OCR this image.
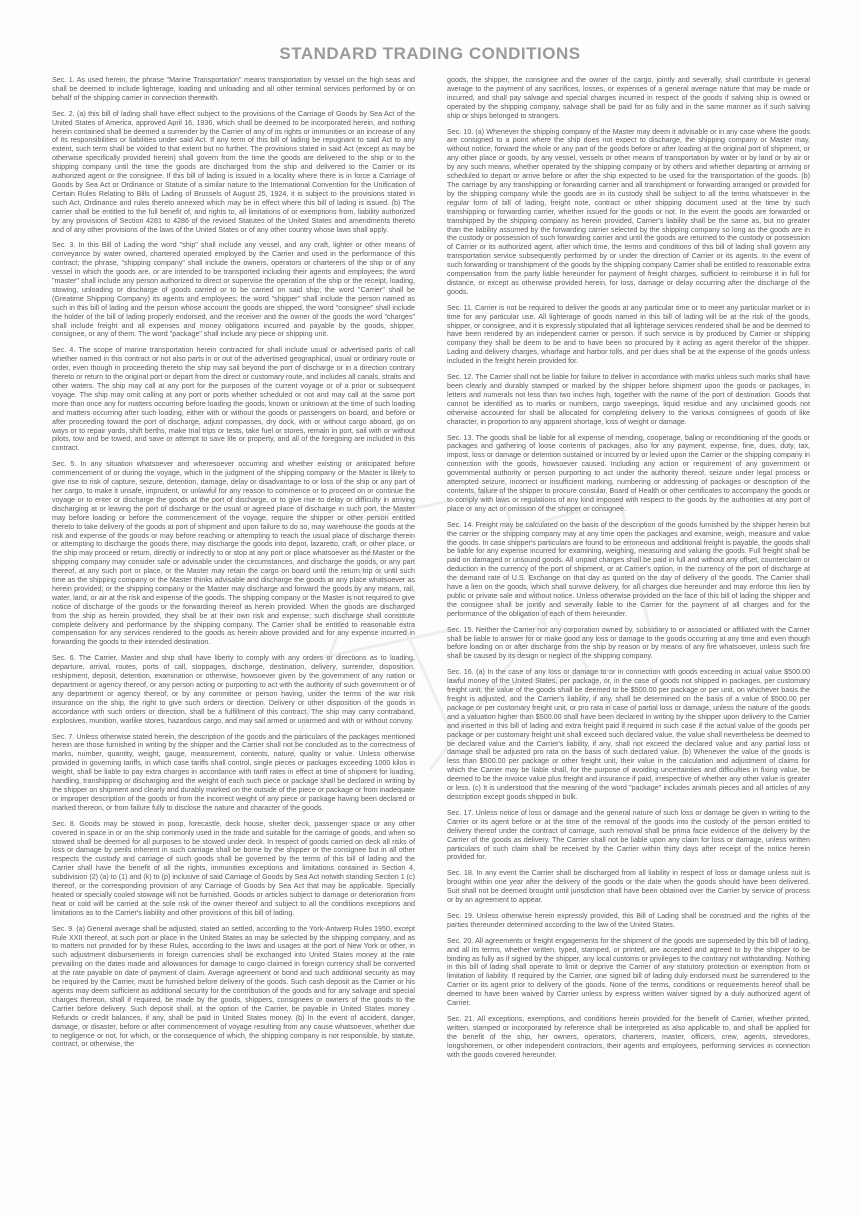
STANDARD TRADING CONDITIONS

Sec. 1. As used herein, the phrase "Marine Transportation" means transportation by vessel on the high seas and shall be deemed to include lighterage, loading and unloading and all other terminal services performed by or on behalf of the shipping carrier in connection therewith.

Sec. 2. (a) this bill of lading shall have effect subject to the provisions of the Carriage of Goods by Sea Act of the United States of America, approved April 16, 1936, which shall be deemed to be incorporated herein, and nothing herein contained shall be deemed a surrender by the Carrier of any of its rights or immunities or an increase of any of its responsibilities or liabilities under said Act. If any term of this bill of lading be repugnant to said Act to any extent, such term shall be voided to that extent but no further. The provisions stated in said Act (except as may be otherwise specifically provided herein) shall govern from the time the goods are delivered to the ship or to the shipping company until the time the goods are discharged from the ship and delivered to the Carrier or its authorized agent or the consignee. If this bill of lading is issued in a locality where there is in force a Carriage of Goods by Sea Act or Ordinance or Statute of a similar nature to the International Convention for the Unification of Certain Rules Relating to Bills of Lading of Brussels of August 25, 1924, it is subject to the provisions stated in such Act, Ordinance and rules thereto annexed which may be in effect where this bill of lading is issued. (b) The carrier shall be entitled to the full benefit of, and rights to, all limitations of or exemptions from, liability authorized by any provisions of Section 4281 to 4286 of the revised Statutes of the United States and amendments thereto and of any other provisions of the laws of the United States or of any other country whose laws shall apply.

Sec. 3. In this Bill of Lading the word "ship" shall include any vessel, and any craft, lighter or other means of conveyance by water owned, chartered operated employed by the Carrier and used in the performance of this contract; the phrase, "shipping company" shall include the owners, operators or charterers of the ship or of any vessel in which the goods are, or are intended to be transported including their agents and employees; the word "master" shall include any person authorized to direct or supervise the operation of the ship or the receipt, loading, stowing, unloading or discharge of goods carried or to be carried on said ship; the word "Carrier" shall be (Greatime Shipping Company) its agents and employees; the word "shipper" shall include the person named as such in this bill of lading and the person whose account the goods are shipped, the word "consignee" shall include the holder of the bill of lading properly endorsed, and the receiver and the owner of the goods the word "charges" shall include freight and all expenses and money obligations incurred and payable by the goods, shipper, consignee, or any of them. The word "package" shall include any piece or shipping unit.

Sec. 4. The scope of marine transportation herein contracted for shall include usual or advertised parts of call whether named in this contract or not also parts in or out of the advertised geographical, usual or ordinary route or order, even though in proceeding thereto the ship may sail beyond the port of discharge or in a direction contrary thereto or return to the original port or depart from the direct or customary route, and includes all canals, straits and other waters. The ship may call at any port for the purposes of the current voyage or of a prior or subsequent voyage. The ship may omit calling at any port or ports whether scheduled or not and may call at the same port more than once any for matters occurring before loading the goods, known or unknown at the time of such loading and matters occurring after such loading, either with or without the goods or passengers on board, and before or after proceeding toward the port of discharge, adjust compasses, dry dock, with or without cargo aboard, go on ways or to repair yards, shift berths, make trial trips or tests, take fuel or stores, remain in port, sail with or without pilots, tow and be towed, and save or attempt to save life or property, and all of the foregoing are included in this contract.

Sec. 5. In any situation whatsoever and wheresoever occurring and whether existing or anticipated before commencement of or during the voyage, which in the judgment of the shipping company or the Master is likely to give rise to risk of capture, seizure, detention, damage, delay or disadvantage to or loss of the ship or any part of her cargo, to make it unsafe, imprudent, or unlawful for any reason to commence or to proceed on or continue the voyage or to enter or discharge the goods at the port of discharge, or to give rise to delay or difficulty in arriving discharging at or leaving the port of discharge or the usual or agreed place of discharge in such port, the Master may before loading or before the commencement of the voyage, require the shipper or other person entitled thereto to take delivery of the goods at port of shipment and upon failure to do so, may warehouse the goods at the risk and expense of the goods or may before reaching or attempting to reach the usual place of discharge therein or attempting to discharge the goods there, may discharge the goods into depot, lazaretto, craft, or other place, or the ship may proceed or return, directly or indirectly to or stop at any port or place whatsoever as the Master or the shipping company may consider safe or advisable under the circumstances, and discharge the goods, or any part thereof, at any such port or place, or the Master may retain the cargo on board until the return trip or until such time as the shipping company or the Master thinks advisable and discharge the goods at any place whatsoever as herein provided; or the shipping company or the Master may discharge and forward the goods by any means, rail, water, land, or air at the risk and expense of the goods. The shipping company or the Master is not required to give notice of discharge of the goods or the forwarding thereof as herein provided. When the goods are discharged from the ship as herein provided, they shall be at their own risk and expense; such discharge shall constitute complete delivery and performance by the shipping company. The Carrier shall be entitled to reasonable extra compensation for any services rendered to the goods as herein above provided and for any expense incurred in forwarding the goods to their intended destination.

Sec. 6. The Carrier, Master and ship shall have liberty to comply with any orders or directions as to loading, departure, arrival, routes, ports of call, stoppages, discharge, destination, delivery, surrender, disposition, reshipment, deposit, detention, examination or otherwise, howsoever given by the government of any nation or department or agency thereof, or any person acting or purporting to act with the authority of such government or of any department or agency thereof, or by any committee or person having, under the terms of the war risk insurance on the ship, the right to give such orders or direction. Delivery or other disposition of the goods in accordance with such orders or direction, shall be a fulfillment of this contract. The ship may carry contraband, explosives, munition, warlike stores, hazardous cargo, and may sail armed or unarmed and with or without convoy.

Sec. 7. Unless otherwise stated herein, the description of the goods and the particulars of the packages mentioned herein are those furnished in writing by the shipper and the Carrier shall not be concluded as to the correctness of marks, number, quantity, weight, gauge, measurement, contents, nature, quality or value. Unless otherwise provided in governing tariffs, in which case tariffs shall control, single pieces or packages exceeding 1000 kilos in weight, shall be liable to pay extra charges in accordance with tariff rates in effect at time of shipment for loading, handling, transhipping or discharging and the weight of each such piece or package shall be declared in writing by the shipper on shipment and clearly and durably marked on the outside of the piece or package or from inadequate or improper description of the goods or from the incorrect weight of any piece or package having been declared or marked thereon, or from failure fully to disclose the nature and character of the goods.

Sec. 8. Goods may be stowed in poop, forecastle, deck house, shelter deck, passenger space or any other covered in space in or on the ship commonly used in the trade and suitable for the carriage of goods, and when so stowed shall be deemed for all purposes to be stowed under deck. In respect of goods carried on deck all risks of loss or damage by perils inherent in such carriage shall be borne by the shipper or the consignee but in all other respects the custody and carriage of such goods shall be governed by the terms of this bill of lading and the Carrier shall have the benefit of all the rights, immunities exceptions and limitations contained in Section 4, subdivision (2) (a) to (1) and (k) to (p) inclusive of said Carriage of Goods by Sea Act notwith standing Section 1 (c) thereof, or the corresponding provision of any Carriage of Goods by Sea Act that may be applicable. Specially heated or specially cooled stowage will not be furnished. Goods or articles subject to damage or deterioration from heat or cold will be carried at the sole risk of the owner thereof and subject to all the conditions exceptions and limitations as to the Carrier's liability and other provisions of this bill of lading.

Sec. 9. (a) General average shall be adjusted, stated an settled, according to the York-Antwerp Rules 1950, except Rule XXII thereof, at such port or place in the United States as may be selected by the shipping company, and as to matters not provided for by these Rules, according to the laws and usages at the port of New York or other, in such adjustment disbursements in foreign currencies shall be exchanged into United States money at the rate prevailing on the dates made and allowances for damage to cargo claimed in foreign currency shall be converted at the rate payable on date of payment of claim. Average agreement or bond and such additional security as may be required by the Carrier, must be furnished before delivery of the goods. Such cash deposit as the Carrier or his agents may deem sufficient as additional security for the contribution of the goods and for any salvage and special charges thereon, shall if required, be made by the goods, shippers, consignees or owners of the goods to the Carrier before delivery. Such deposit shall, at the option of the Carrier, be payable in United States money . Refunds or credit balances, if any, shall be paid in United States money. (b) In the event of accident, danger, damage, or disaster, before or after commencement of voyage resulting from any cause whatsoever, whether due to negligence or not, for which, or the consequence of which, the shipping company is not responsible, by statute, contract, or otherwise, the

goods, the shipper, the consignee and the owner of the cargo, jointly and severally, shall contribute in general average to the payment of any sacrifices, losses, or expenses of a general average nature that may be made or incurred, and shall pay salvage and special charges incurred in respect of the goods if salving ship is owned or operated by the shipping company, salvage shall be paid for as fully and in the same manner as if such salving ship or ships belonged to strangers.

Sec. 10. (a) Whenever the shipping company of the Master may deem it advisable or in any case where the goods are consigned to a point where the ship does not expect to discharge, the shipping company or Master may, without notice, forward the whole or any part of the goods before or after loading at the original port of shipment, or any other place or goods, by any vessel, vessels or other means of transportation by water or by land or by air or by any such means, whether operated by the shipping company or by others and whether departing or arriving or scheduled to depart or arrive before or after the ship expected to be used for the transportation of the goods. (b) The carriage by any transhipping or forwarding carrier and all transhipment or forwarding arranged or provided for by the shipping company while the goods are in its custody shall be subject to all the terms whatsoever in the regular form of bill of lading, freight note, contract or other shipping document used at the time by such transhipping or forwarding carrier, whether issued for the goods or not. In the event the goods are forwarded or transhipped by the shipping company as herein provided, Carrier's liability shall be the same as, but no greater than the liability assumed by the forwarding carrier selected by the shipping company so long as the goods are in the custody or possession of such forwarding carrier and until the goods are returned to the custody or possession of Carrier or its authorized agent, after which time, the terms and conditions of this bill of lading shall govern any transportation service subsequently performed by or under the direction of Carrier or its agents. In the event of such forwarding or transhipment of the goods by the shipping company Carrier shall be entitled to reasonable extra compensation from the party liable hereunder for payment of freight charges, sufficient to reimburse it in full for distance, or except as otherwise provided herein, for loss, damage or delay occurring after the discharge of the goods.

Sec. 11. Carrier is not be required to deliver the goods at any particular time or to meet any particular market or in time for any particular use. All lighterage of goods named in this bill of lading will be at the risk of the goods, shipper, or consignee, and it is expressly stipulated that all lighterage services rendered shall be and be deemed to have been rendered by an independent carrier or person. If such service is by produced by Carrier or shipping company they shall be deem to be and to have been so procured by it acting as agent therefor of the shipper. Lading and delivery charges, wharfage and harbor tolls, and per dues shall be at the expense of the goods unless included in the freight herein provided for.

Sec. 12. The Carrier shall not be liable for failure to deliver in accordance with marks unless such marks shall have been clearly and durably stamped or marked by the shipper before shipment upon the goods or packages, in letters and numerals not less than two inches high, together with the name of the port of destination. Goods that cannot be identified as to marks or numbers, cargo sweepings, liquid residue and any unclaimed goods not otherwise accounted for shall be allocated for completing delivery to the various consignees of goods of like character, in proportion to any apparent shortage, loss of weight or damage.

Sec. 13. The goods shall be liable for all expense of mending, cooperage, baling or reconditioning of the goods or packages and gathering of loose contents of packages, also for any payment, expense, fine, dues, duty, tax, impost, loss or damage or detention sustained or incurred by or levied upon the Carrier or the shipping company in connection with the goods, howsoever caused. Including any action or requirement of any government or governmental authority or person purporting to act under the authority thereof, seizure under legal process or attempted seizure, incorrect or insufficient marking, numbering or addressing of packages or description of the contents, failure of the shipper to procure consular, Board of Health or other certificates to accompany the goods or to comply with laws or regulations of any kind imposed with respect to the goods by the authorities at any port of place or any act or omission of the shipper or consignee.

Sec. 14. Freight may be calculated on the basis of the description of the goods furnished by the shipper herein but the carrier or the shipping company may at any time open the packages and examine, weigh, measure and value the goods. In case shipper's particulars are found to be erroneous and additional freight is payable, the goods shall be liable for any expense incurred for examining, weighing, measuring and valuing the goods. Full freight shall be paid on damaged or unsound goods. All unpaid charges shall be paid in full and without any offset, counterclaim or deduction in the currency of the port of shipment, or at Carrier's option, in the currency of the port of discharge at the demand rate of U.S. Exchange on that day as quoted on the day of delivery of the goods. The Carrier shall have a lien on the goods, which shall survive delivery, for all charges due hereunder and may enforce this lien by public or private sale and without notice. Unless otherwise provided on the face of this bill of lading the shipper and the consignee shall be jointly and severally liable to the Carrier for the payment of all charges and for the performance of the obligation of each of them hereunder.

Sec. 15. Neither the Carrier nor any corporation owned by, subsidiary to or associated or affiliated with the Carrier shall be liable to answer for or make good any loss or damage to the goods occurring at any time and even though before loading on or after discharge from the ship by reason or by means of any fire whatsoever, unless such fire shall be caused by its design or neglect of the shipping company.

Sec. 16. (a) In the case of any loss or damage to or in connection with goods exceeding in actual value $500.00 lawful money of the United States, per package, or, in the case of goods not shipped in packages, per customary freight unit, the value of the goods shall be deemed to be $500.00 per package or per unit, on whichever basis the freight is adjusted, and the Carrier's liability, if any, shall be determined on the basis of a value of $500.00 per package or per customary freight unit, or pro rata in case of partial loss or damage, unless the nature of the goods and a valuation higher than $500.00 shall have been declared in writing by the shipper upon delivery to the Carrier and inserted in this bill of lading and extra freight paid if required in such case if the actual value of the goods per package or per customary freight unit shall exceed such declared value, the value shall nevertheless be deemed to be declared value and the Carrier's liability, if any, shall not exceed the declared value and any partial loss or damage shall be adjusted pro rata on the basis of such declared value. (b) Whenever the value of the goods is less than $500.00 per package or other freight unit, their value in the calculation and adjustment of claims for which the Carrier may be liable shall, for the purpose of avoiding uncertainties and difficulties in fixing value, be deemed to be the invoice value plus freight and insurance if paid, irrespective of whether any other value is greater or less. (c) It is understood that the meaning of the word "package" includes animals pieces and all articles of any description except goods shipped in bulk.

Sec. 17. Unless notice of loss or damage and the general nature of such loss or damage be given in writing to the Carrier or its agent before or at the time of the removal of the goods into the custody of the person entitled to delivery thereof under the contract of carriage, such removal shall be prima facie evidence of the delivery by the Carrier of the goods as delivery. The Carrier shall not be liable upon any claim for loss or damage, unless written particulars of such claim shall be received by the Carrier within thirty days after receipt of the notice herein provided for.

Sec. 18. In any event the Carrier shall be discharged from all liability in respect of loss or damage unless suit is brought within one year after the delivery of the goods or the date when the goods should have been delivered. Suit shall not be deemed brought until jurisdiction shall have been obtained over the Carrier by service of process or by an agreement to appear.

Sec. 19. Unless otherwise herein expressly provided, this Bill of Lading shall be construed and the rights of the parties thereunder determined according to the law of the United States.

Sec. 20. All agreements or freight engagements for the shipment of the goods are superseded by this bill of lading, and all its terms, whether written, typed, stamped, or printed, are accepted and agreed to by the shipper to be binding as fully as if signed by the shipper, any local customs or privileges to the contrary not withstanding. Nothing in this bill of lading shall operate to limit or deprive the Carrier of any statutory protection or exemption from or limitation of liability. If required by the Carrier, one signed bill of lading duly endorsed must be surrendered to the Carrier or its agent prior to delivery of the goods. None of the terms, conditions or requirements hereof shall be deemed to have been waived by Carrier unless by express written waiver signed by a duly authorized agent of Carrier.

Sec. 21. All exceptions, exemptions, and conditions herein provided for the benefit of Carrier, whether printed, written, stamped or incorporated by reference shall be interpreted as also applicable to, and shall be applied for the benefit of the ship, her owners, operators, charterers, master, officers, crew, agents, stevedores, longshoremen, or other independent contractors, their agents and employees, performing services in connection with the goods covered hereunder.
